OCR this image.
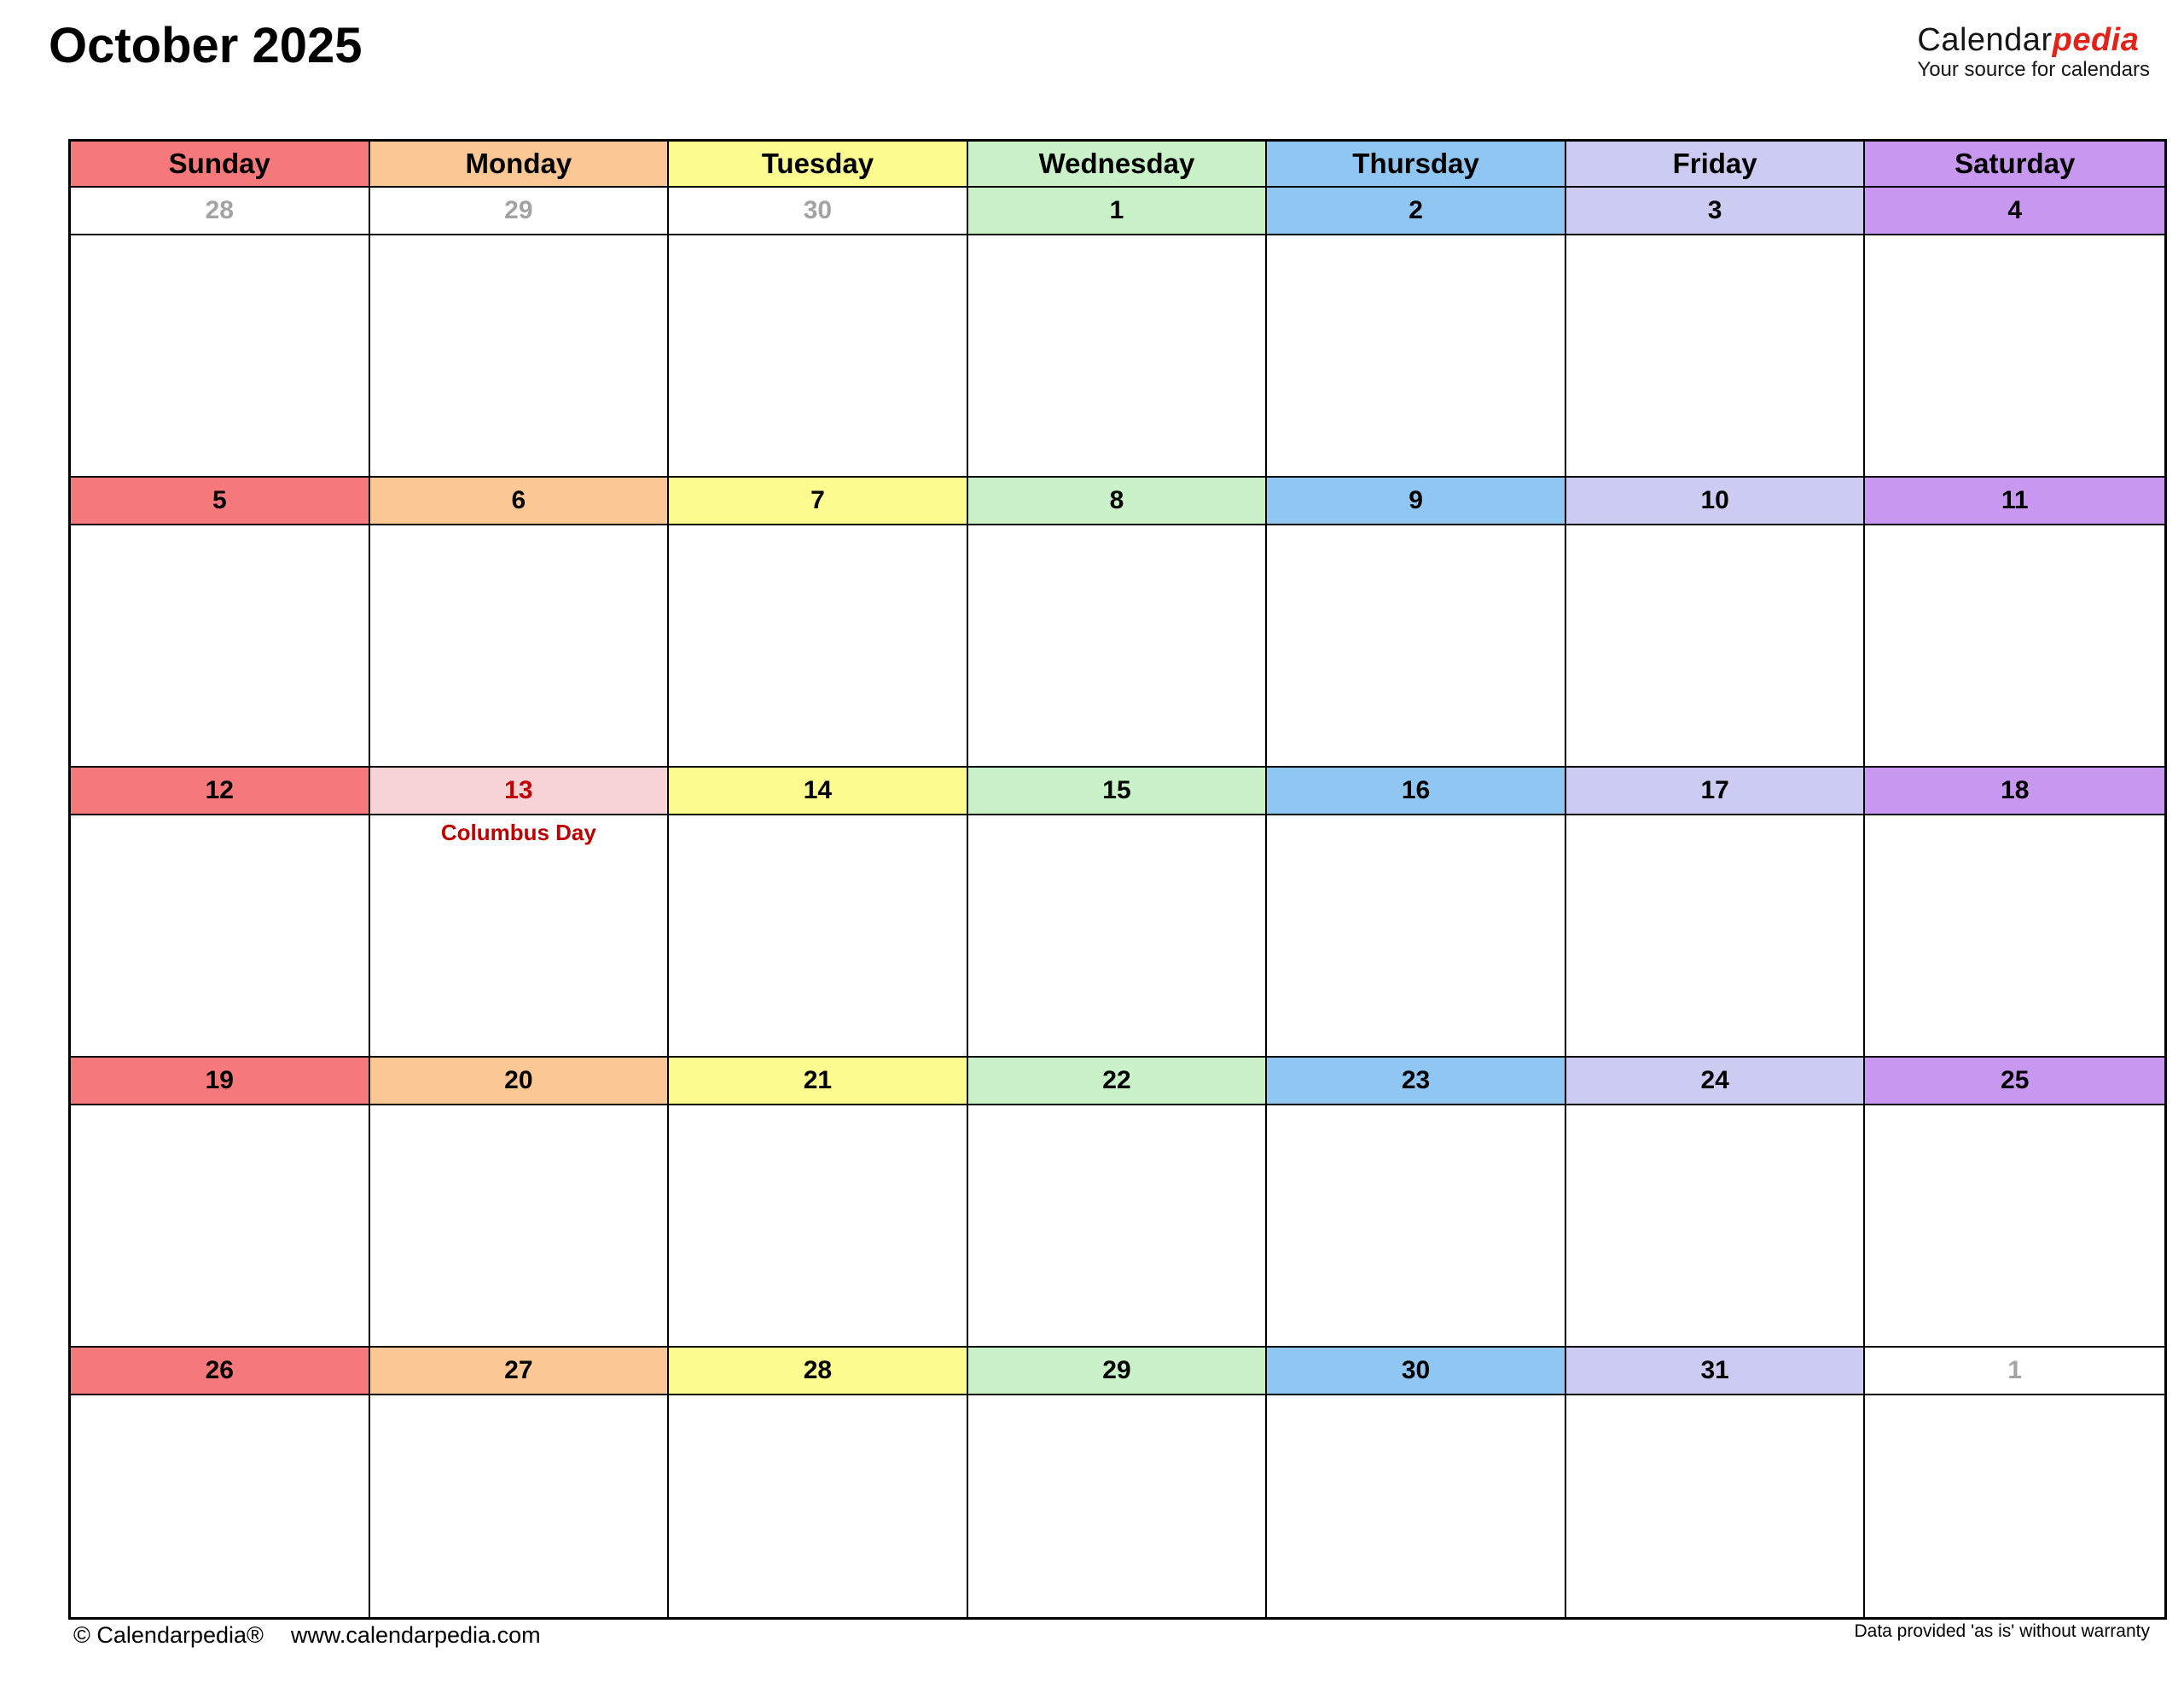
October 2025	Calendarpedia
Your source for calendars
Sunday	Monday	Tuesday	Wednesday	Thursday	Friday	Saturday
28	29	30	1	2	3	4
5	6	7	8	9	10	11
12	13	14	15	16	17	18
Columbus Day
19	20	21	22	23	24	25
26	27	28	29	30	31	1
© Calendarpedia® www.calendarpedia.com	Data provided 'as is' without warranty
